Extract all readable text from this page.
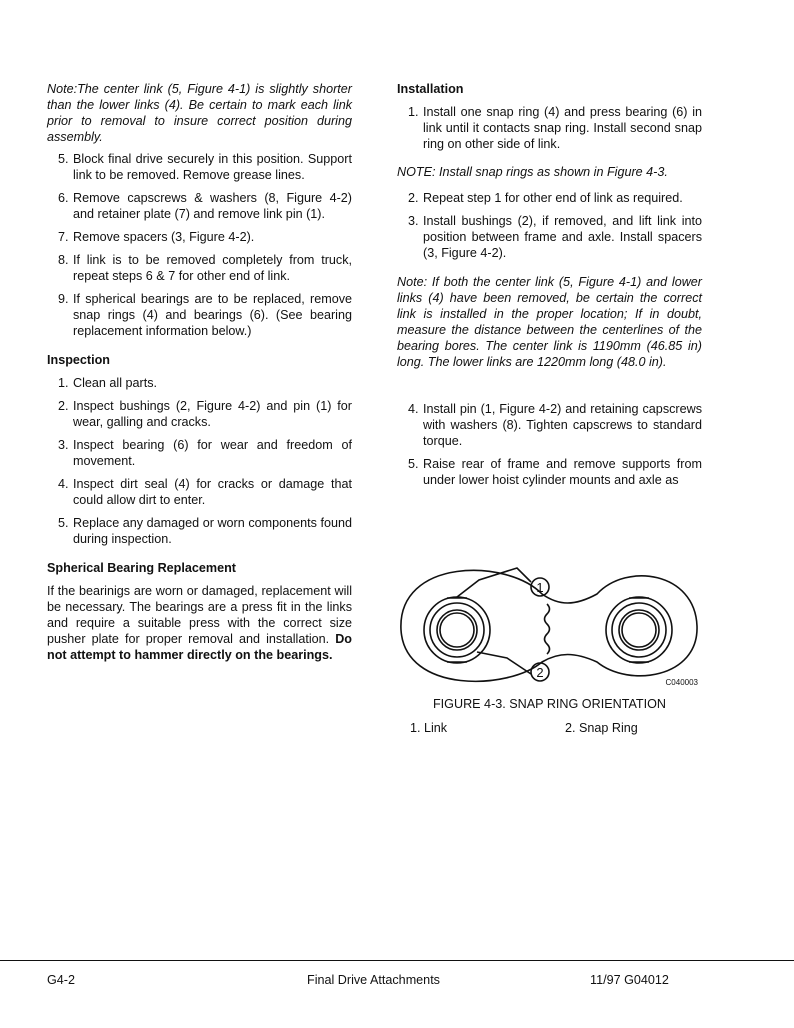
Note:The center link (5, Figure 4-1) is slightly shorter than the lower links (4). Be certain to mark each link prior to removal to insure correct position during assembly.

5. Block final drive securely in this position. Support link to be removed. Remove grease lines.
6. Remove capscrews & washers (8, Figure 4-2) and retainer plate (7) and remove link pin (1).
7. Remove spacers (3, Figure 4-2).
8. If link is to be removed completely from truck, repeat steps 6 & 7 for other end of link.
9. If spherical bearings are to be replaced, remove snap rings (4) and bearings (6). (See bearing replacement information below.)
Inspection
1. Clean all parts.
2. Inspect bushings (2, Figure 4-2) and pin (1) for wear, galling and cracks.
3. Inspect bearing (6) for wear and freedom of movement.
4. Inspect dirt seal (4) for cracks or damage that could allow dirt to enter.
5. Replace any damaged or worn components found during inspection.
Spherical Bearing Replacement

If the bearinigs are worn or damaged, replacement will be necessary. The bearings are a press fit in the links and require a suitable press with the correct size pusher plate for proper removal and installation. Do not attempt to hammer directly on the bearings.

Installation
1. Install one snap ring (4) and press bearing (6) in link until it contacts snap ring. Install second snap ring on other side of link.

NOTE: Install snap rings as shown in Figure 4-3.

2. Repeat step 1 for other end of link as required.
3. Install bushings (2), if removed, and lift link into position between frame and axle. Install spacers (3, Figure 4-2).

Note: If both the center link (5, Figure 4-1) and lower links (4) have been removed, be certain the correct link is installed in the proper location; If in doubt, measure the distance between the centerlines of the bearing bores. The center link is 1190mm (46.85 in) long. The lower links are 1220mm long (48.0 in).

4. Install pin (1, Figure 4-2) and retaining capscrews with washers (8). Tighten capscrews to standard torque.
5. Raise rear of frame and remove supports from under lower hoist cylinder mounts and axle as
1
2
C040003
FIGURE 4-3. SNAP RING ORIENTATION
1. Link	2. Snap Ring
G4-2	Final Drive Attachments	11/97 G04012
